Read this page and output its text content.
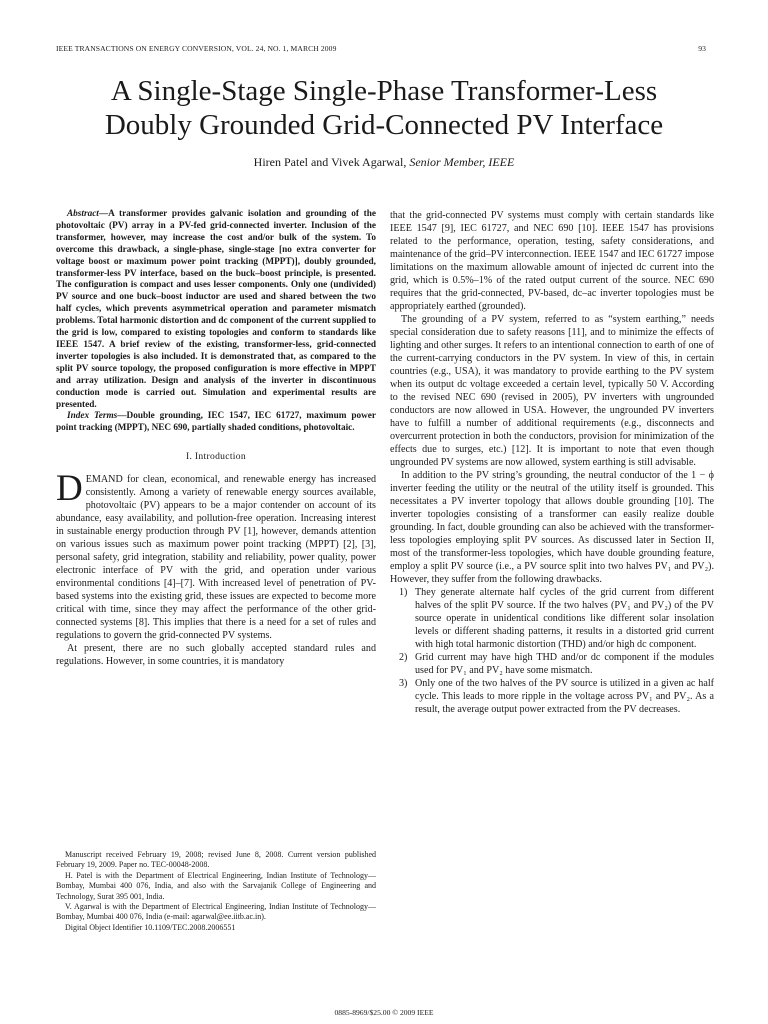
IEEE TRANSACTIONS ON ENERGY CONVERSION, VOL. 24, NO. 1, MARCH 2009	93
A Single-Stage Single-Phase Transformer-Less
Doubly Grounded Grid-Connected PV Interface
Hiren Patel and Vivek Agarwal, Senior Member, IEEE

Abstract—A transformer provides galvanic isolation and grounding of the photovoltaic (PV) array in a PV-fed grid-connected inverter. Inclusion of the transformer, however, may increase the cost and/or bulk of the system. To overcome this drawback, a single-phase, single-stage [no extra converter for voltage boost or maximum power point tracking (MPPT)], doubly grounded, transformer-less PV interface, based on the buck–boost principle, is presented. The configuration is compact and uses lesser components. Only one (undivided) PV source and one buck–boost inductor are used and shared between the two half cycles, which prevents asymmetrical operation and parameter mismatch problems. Total harmonic distortion and dc component of the current supplied to the grid is low, compared to existing topologies and conform to standards like IEEE 1547. A brief review of the existing, transformer-less, grid-connected inverter topologies is also included. It is demonstrated that, as compared to the split PV source topology, the proposed configuration is more effective in MPPT and array utilization. Design and analysis of the inverter in discontinuous conduction mode is carried out. Simulation and experimental results are presented.

Index Terms—Double grounding, IEC 1547, IEC 61727, maximum power point tracking (MPPT), NEC 690, partially shaded conditions, photovoltaic.

I. Introduction

DEMAND for clean, economical, and renewable energy has increased consistently. Among a variety of renewable energy sources available, photovoltaic (PV) appears to be a major contender on account of its abundance, easy availability, and pollution-free operation. Increasing interest in sustainable energy production through PV [1], however, demands attention on various issues such as maximum power point tracking (MPPT) [2], [3], personal safety, grid integration, stability and reliability, power quality, power electronic interface of PV with the grid, and operation under various environmental conditions [4]–[7]. With increased level of penetration of PV-based systems into the existing grid, these issues are expected to become more critical with time, since they may affect the performance of the other grid-connected systems [8]. This implies that there is a need for a set of rules and regulations to govern the grid-connected PV systems.

At present, there are no such globally accepted standard rules and regulations. However, in some countries, it is mandatory

Manuscript received February 19, 2008; revised June 8, 2008. Current version published February 19, 2009. Paper no. TEC-00048-2008.

H. Patel is with the Department of Electrical Engineering, Indian Institute of Technology—Bombay, Mumbai 400 076, India, and also with the Sarvajanik College of Engineering and Technology, Surat 395 001, India.

V. Agarwal is with the Department of Electrical Engineering, Indian Institute of Technology—Bombay, Mumbai 400 076, India (e-mail: agarwal@ee.iitb.ac.in).

Digital Object Identifier 10.1109/TEC.2008.2006551

that the grid-connected PV systems must comply with certain standards like IEEE 1547 [9], IEC 61727, and NEC 690 [10]. IEEE 1547 has provisions related to the performance, operation, testing, safety considerations, and maintenance of the grid–PV interconnection. IEEE 1547 and IEC 61727 impose limitations on the maximum allowable amount of injected dc current into the grid, which is 0.5%–1% of the rated output current of the source. NEC 690 requires that the grid-connected, PV-based, dc–ac inverter topologies must be appropriately earthed (grounded).

The grounding of a PV system, referred to as “system earthing,” needs special consideration due to safety reasons [11], and to minimize the effects of lighting and other surges. It refers to an intentional connection to earth of one of the current-carrying conductors in the PV system. In view of this, in certain countries (e.g., USA), it was mandatory to provide earthing to the PV system when its output dc voltage exceeded a certain level, typically 50 V. According to the revised NEC 690 (revised in 2005), PV inverters with ungrounded conductors are now allowed in USA. However, the ungrounded PV inverters have to fulfill a number of additional requirements (e.g., disconnects and overcurrent protection in both the conductors, provision for minimization of the effects due to surges, etc.) [12]. It is important to note that even though ungrounded PV systems are now allowed, system earthing is still advisable.

In addition to the PV string’s grounding, the neutral conductor of the 1 − ϕ inverter feeding the utility or the neutral of the utility itself is grounded. This necessitates a PV inverter topology that allows double grounding [10]. The inverter topologies consisting of a transformer can easily realize double grounding. In fact, double grounding can also be achieved with the transformer-less topologies employing split PV sources. As discussed later in Section II, most of the transformer-less topologies, which have double grounding feature, employ a split PV source (i.e., a PV source split into two halves PV₁ and PV₂). However, they suffer from the following drawbacks.

1) They generate alternate half cycles of the grid current from different halves of the split PV source. If the two halves (PV₁ and PV₂) of the PV source operate in unidentical conditions like different solar insolation levels or different shading patterns, it results in a distorted grid current with high total harmonic distortion (THD) and/or high dc component.
2) Grid current may have high THD and/or dc component if the modules used for PV₁ and PV₂ have some mismatch.
3) Only one of the two halves of the PV source is utilized in a given ac half cycle. This leads to more ripple in the voltage across PV₁ and PV₂. As a result, the average output power extracted from the PV decreases.
0885-8969/$25.00 © 2009 IEEE
